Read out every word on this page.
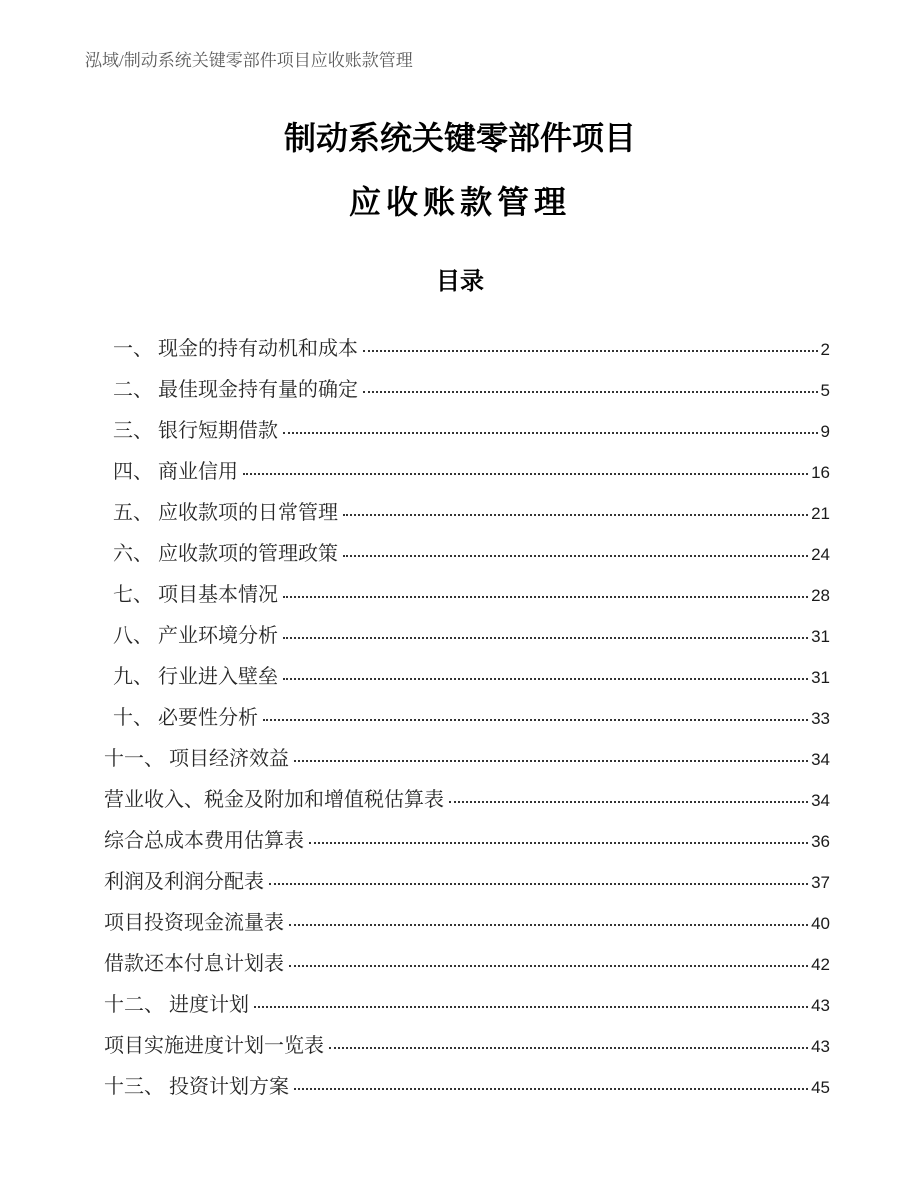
泓域/制动系统关键零部件项目应收账款管理
制动系统关键零部件项目
应收账款管理
目录
一、 现金的持有动机和成本	2
二、 最佳现金持有量的确定	5
三、 银行短期借款	9
四、 商业信用	16
五、 应收款项的日常管理	21
六、 应收款项的管理政策	24
七、 项目基本情况	28
八、 产业环境分析	31
九、 行业进入壁垒	31
十、 必要性分析	33
十一、 项目经济效益	34
营业收入、税金及附加和增值税估算表	34
综合总成本费用估算表	36
利润及利润分配表	37
项目投资现金流量表	40
借款还本付息计划表	42
十二、 进度计划	43
项目实施进度计划一览表	43
十三、 投资计划方案	45
